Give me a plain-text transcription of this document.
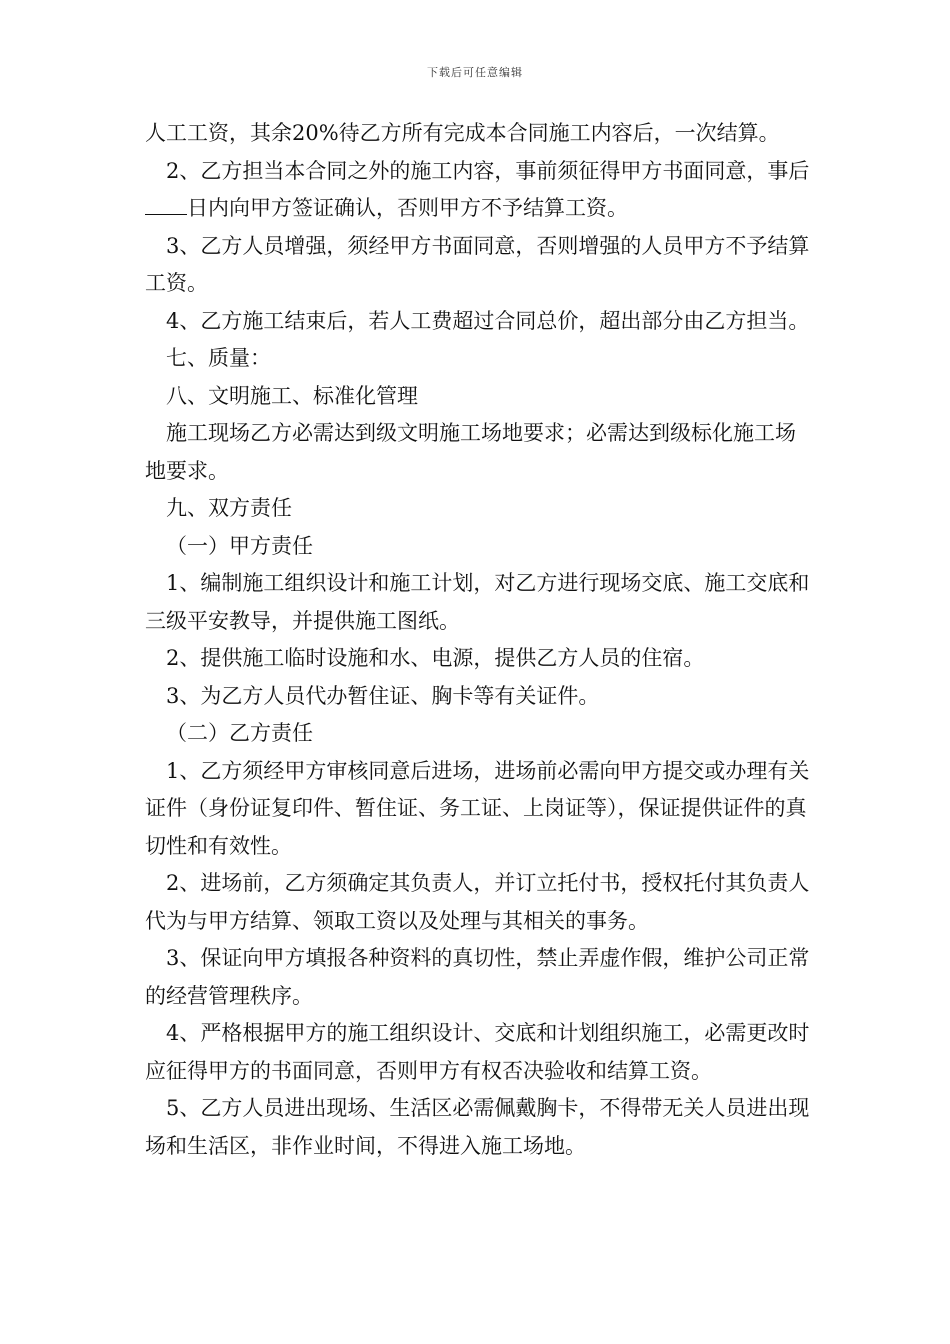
下载后可任意编辑

人工工资，其余20%待乙方所有完成本合同施工内容后，一次结算。

2、乙方担当本合同之外的施工内容，事前须征得甲方书面同意，事后日内向甲方签证确认，否则甲方不予结算工资。

3、乙方人员增强，须经甲方书面同意，否则增强的人员甲方不予结算工资。

4、乙方施工结束后，若人工费超过合同总价，超出部分由乙方担当。

七、质量：

八、文明施工、标准化管理

施工现场乙方必需达到级文明施工场地要求；必需达到级标化施工场地要求。

九、双方责任

（一）甲方责任

1、编制施工组织设计和施工计划，对乙方进行现场交底、施工交底和三级平安教导，并提供施工图纸。

2、提供施工临时设施和水、电源，提供乙方人员的住宿。

3、为乙方人员代办暂住证、胸卡等有关证件。

（二）乙方责任

1、乙方须经甲方审核同意后进场，进场前必需向甲方提交或办理有关证件（身份证复印件、暂住证、务工证、上岗证等），保证提供证件的真切性和有效性。

2、进场前，乙方须确定其负责人，并订立托付书，授权托付其负责人代为与甲方结算、领取工资以及处理与其相关的事务。

3、保证向甲方填报各种资料的真切性，禁止弄虚作假，维护公司正常的经营管理秩序。

4、严格根据甲方的施工组织设计、交底和计划组织施工，必需更改时应征得甲方的书面同意，否则甲方有权否决验收和结算工资。

5、乙方人员进出现场、生活区必需佩戴胸卡，不得带无关人员进出现场和生活区，非作业时间，不得进入施工场地。
